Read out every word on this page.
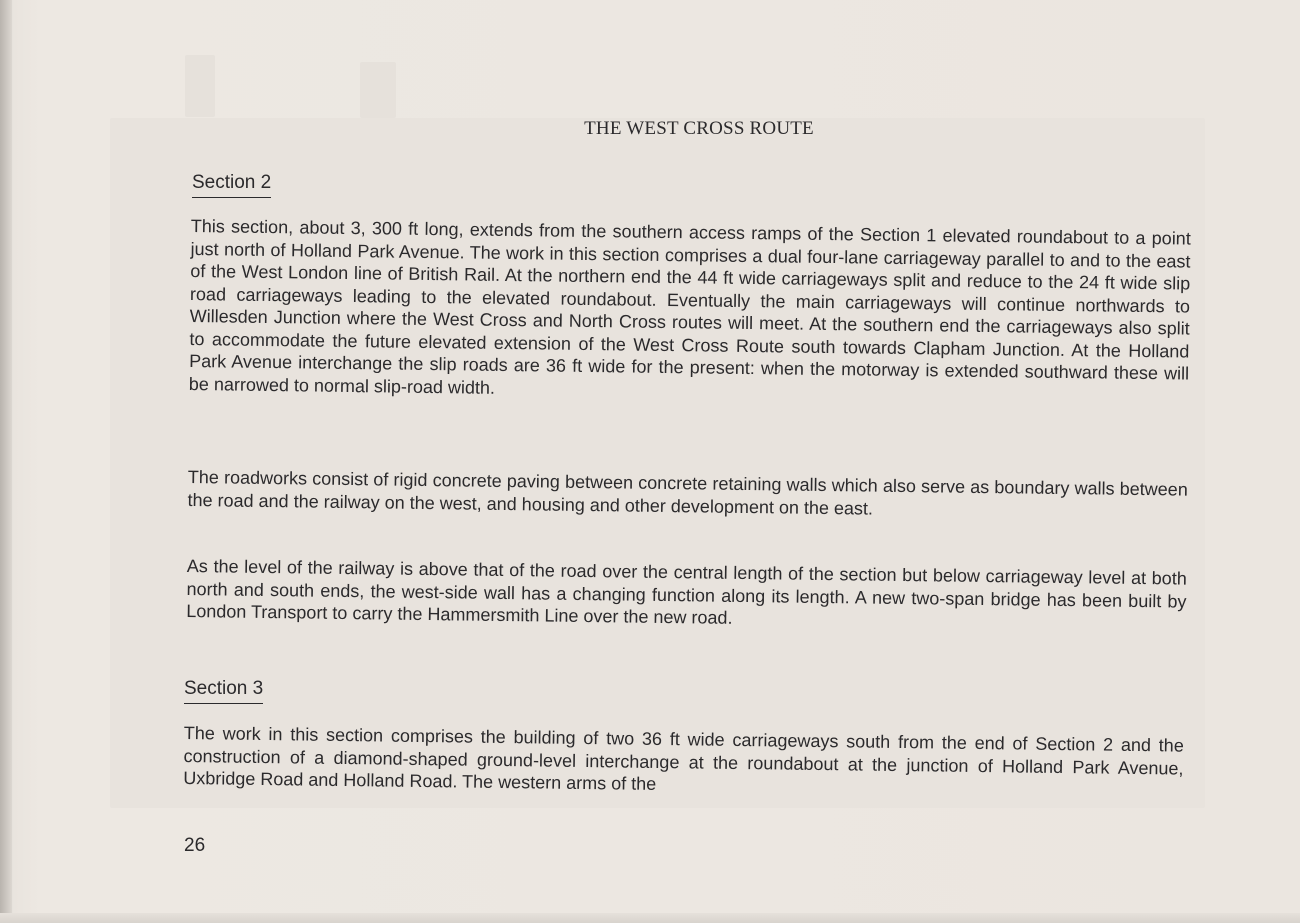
THE WEST CROSS ROUTE
Section 2
This section, about 3, 300 ft long, extends from the southern access ramps of the Section 1 elevated roundabout to a point just north of Holland Park Avenue. The work in this section comprises a dual four-lane carriageway parallel to and to the east of the West London line of British Rail. At the northern end the 44 ft wide carriageways split and reduce to the 24 ft wide slip road carriageways leading to the elevated roundabout. Eventually the main carriageways will continue northwards to Willesden Junction where the West Cross and North Cross routes will meet. At the southern end the carriageways also split to accommodate the future elevated extension of the West Cross Route south towards Clapham Junction. At the Holland Park Avenue interchange the slip roads are 36 ft wide for the present: when the motorway is extended southward these will be narrowed to normal slip-road width.
The roadworks consist of rigid concrete paving between concrete retaining walls which also serve as boundary walls between the road and the railway on the west, and housing and other development on the east.
As the level of the railway is above that of the road over the central length of the section but below carriageway level at both north and south ends, the west-side wall has a changing function along its length. A new two-span bridge has been built by London Transport to carry the Hammersmith Line over the new road.
Section 3
The work in this section comprises the building of two 36 ft wide carriageways south from the end of Section 2 and the construction of a diamond-shaped ground-level interchange at the roundabout at the junction of Holland Park Avenue, Uxbridge Road and Holland Road. The western arms of the
26
